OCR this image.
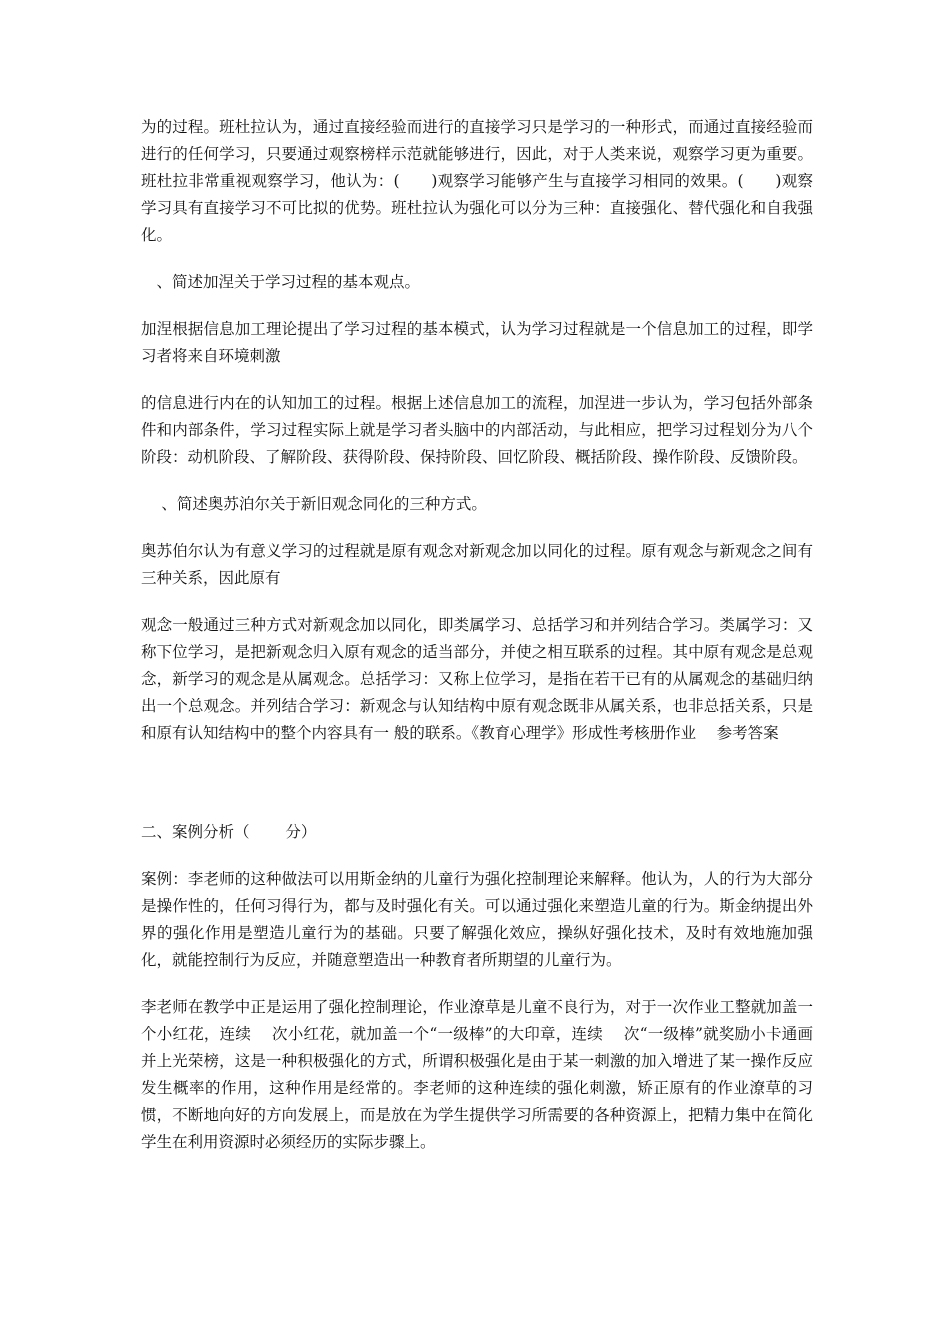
为的过程。班杜拉认为，通过直接经验而进行的直接学习只是学习的一种形式，而通过直接经验而进行的任何学习，只要通过观察榜样示范就能够进行，因此，对于人类来说，观察学习更为重要。班杜拉非常重视观察学习，他认为：(　　)观察学习能够产生与直接学习相同的效果。(　　)观察学习具有直接学习不可比拟的优势。班杜拉认为强化可以分为三种：直接强化、替代强化和自我强化。

　、简述加涅关于学习过程的基本观点。

加涅根据信息加工理论提出了学习过程的基本模式，认为学习过程就是一个信息加工的过程，即学习者将来自环境刺激

的信息进行内在的认知加工的过程。根据上述信息加工的流程，加涅进一步认为，学习包括外部条件和内部条件，学习过程实际上就是学习者头脑中的内部活动，与此相应，把学习过程划分为八个阶段：动机阶段、了解阶段、获得阶段、保持阶段、回忆阶段、概括阶段、操作阶段、反馈阶段。

　 、简述奥苏泊尔关于新旧观念同化的三种方式。

奥苏伯尔认为有意义学习的过程就是原有观念对新观念加以同化的过程。原有观念与新观念之间有三种关系，因此原有

观念一般通过三种方式对新观念加以同化，即类属学习、总括学习和并列结合学习。类属学习：又称下位学习，是把新观念归入原有观念的适当部分，并使之相互联系的过程。其中原有观念是总观念，新学习的观念是从属观念。总括学习：又称上位学习，是指在若干已有的从属观念的基础归纳出一个总观念。并列结合学习：新观念与认知结构中原有观念既非从属关系，也非总括关系，只是和原有认知结构中的整个内容具有一 般的联系。《教育心理学》形成性考核册作业　 参考答案

二、案例分析（　　 分）

案例：李老师的这种做法可以用斯金纳的儿童行为强化控制理论来解释。他认为，人的行为大部分是操作性的，任何习得行为，都与及时强化有关。可以通过强化来塑造儿童的行为。斯金纳提出外界的强化作用是塑造儿童行为的基础。只要了解强化效应，操纵好强化技术，及时有效地施加强化，就能控制行为反应，并随意塑造出一种教育者所期望的儿童行为。

李老师在教学中正是运用了强化控制理论，作业潦草是儿童不良行为，对于一次作业工整就加盖一个小红花，连续　 次小红花，就加盖一个“一级棒”的大印章，连续　 次“一级棒”就奖励小卡通画并上光荣榜，这是一种积极强化的方式，所谓积极强化是由于某一刺激的加入增进了某一操作反应发生概率的作用，这种作用是经常的。李老师的这种连续的强化刺激，矫正原有的作业潦草的习惯，不断地向好的方向发展上，而是放在为学生提供学习所需要的各种资源上，把精力集中在简化学生在利用资源时必须经历的实际步骤上。
